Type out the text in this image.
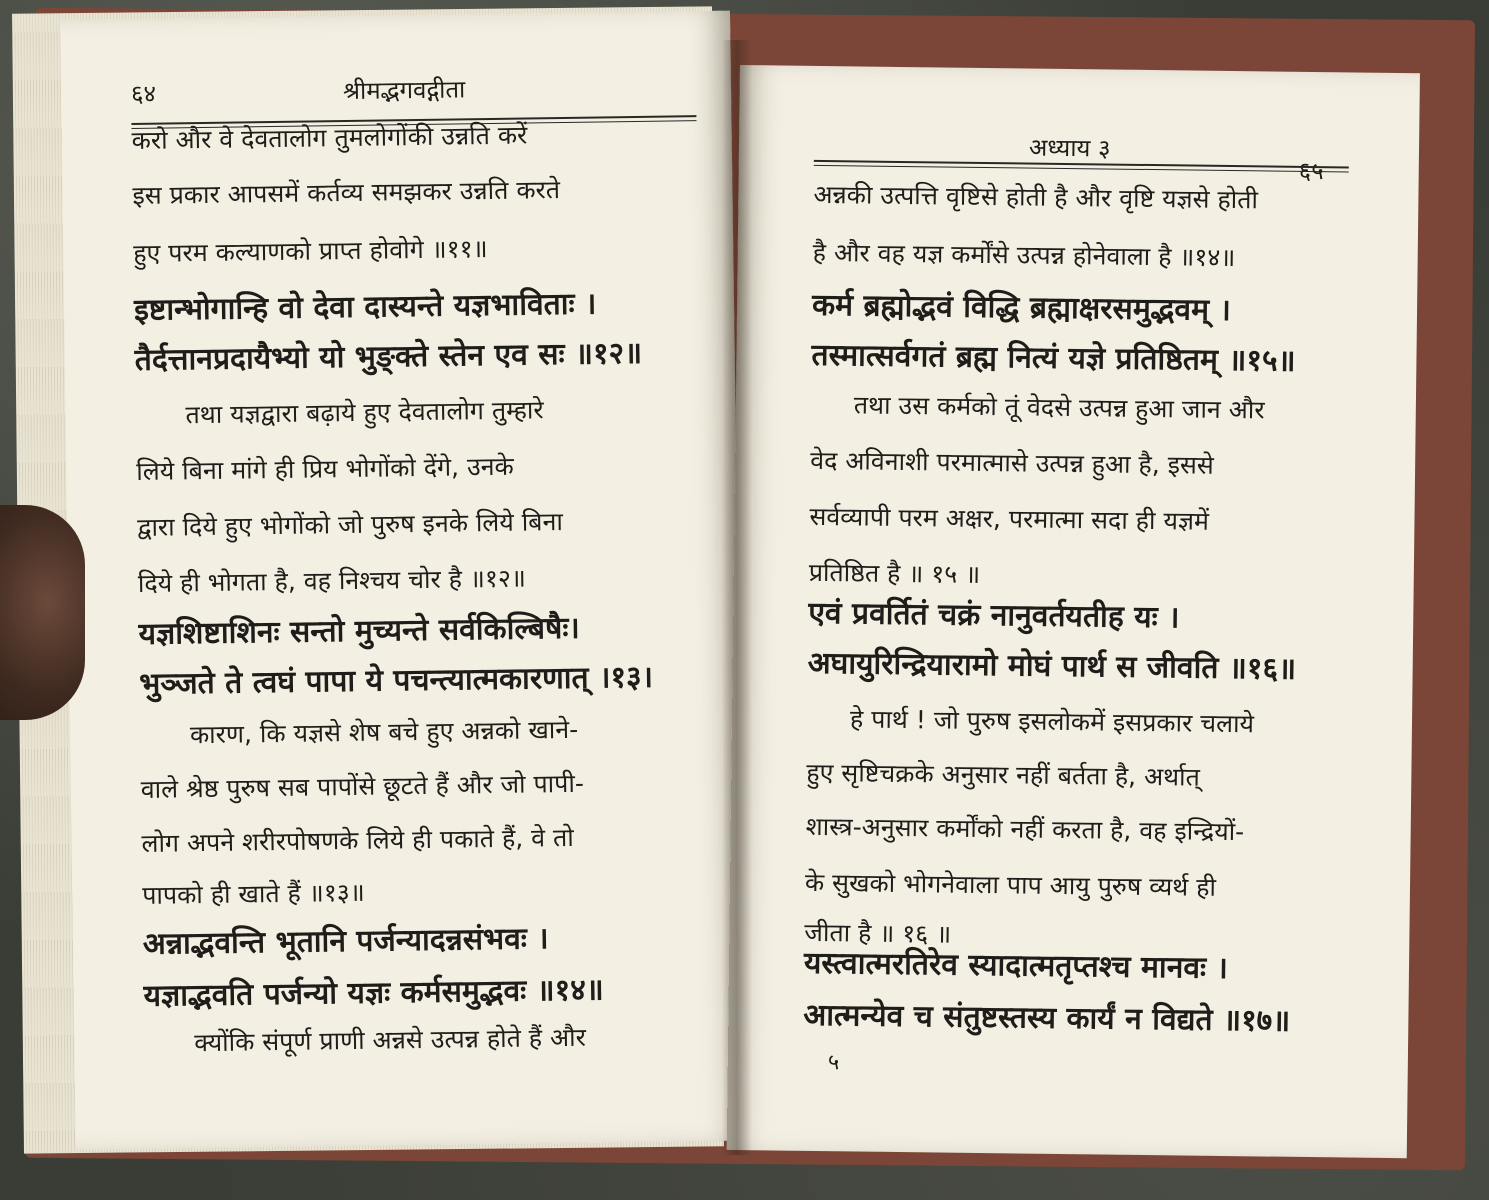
६४	श्रीमद्भगवद्गीता
करो और वे देवतालोग तुमलोगोंकी उन्नति करें
इस प्रकार आपसमें कर्तव्य समझकर उन्नति करते
हुए परम कल्याणको प्राप्त होवोगे ॥११॥
इष्टान्भोगान्हि वो देवा दास्यन्ते यज्ञभाविताः ।
तैर्दत्तानप्रदायैभ्यो यो भुङ्क्ते स्तेन एव सः ॥१२॥
तथा यज्ञद्वारा बढ़ाये हुए देवतालोग तुम्हारे
लिये बिना मांगे ही प्रिय भोगोंको देंगे, उनके
द्वारा दिये हुए भोगोंको जो पुरुष इनके लिये बिना
दिये ही भोगता है, वह निश्चय चोर है ॥१२॥
यज्ञशिष्टाशिनः सन्तो मुच्यन्ते सर्वकिल्बिषैः।
भुञ्जते ते त्वघं पापा ये पचन्त्यात्मकारणात् ।१३।
कारण, कि यज्ञसे शेष बचे हुए अन्नको खाने-
वाले श्रेष्ठ पुरुष सब पापोंसे छूटते हैं और जो पापी-
लोग अपने शरीरपोषणके लिये ही पकाते हैं, वे तो
पापको ही खाते हैं ॥१३॥
अन्नाद्भवन्ति भूतानि पर्जन्यादन्नसंभवः ।
यज्ञाद्भवति पर्जन्यो यज्ञः कर्मसमुद्भवः ॥१४॥
क्योंकि संपूर्ण प्राणी अन्नसे उत्पन्न होते हैं और
अध्याय ३
अन्नकी उत्पत्ति वृष्टिसे होती है और वृष्टि यज्ञसे होती
है और वह यज्ञ कर्मोंसे उत्पन्न होनेवाला है ॥१४॥
कर्म ब्रह्मोद्भवं विद्धि ब्रह्माक्षरसमुद्भवम् ।
तस्मात्सर्वगतं ब्रह्म नित्यं यज्ञे प्रतिष्ठितम् ॥१५॥
तथा उस कर्मको तूं वेदसे उत्पन्न हुआ जान और
वेद अविनाशी परमात्मासे उत्पन्न हुआ है, इससे
सर्वव्यापी परम अक्षर, परमात्मा सदा ही यज्ञमें
प्रतिष्ठित है ॥ १५ ॥
एवं प्रवर्तितं चक्रं नानुवर्तयतीह यः ।
अघायुरिन्द्रियारामो मोघं पार्थ स जीवति ॥१६॥
हे पार्थ ! जो पुरुष इसलोकमें इसप्रकार चलाये
हुए सृष्टिचक्रके अनुसार नहीं बर्तता है, अर्थात्
शास्त्र-अनुसार कर्मोंको नहीं करता है, वह इन्द्रियों-
के सुखको भोगनेवाला पाप आयु पुरुष व्यर्थ ही
जीता है ॥ १६ ॥
यस्त्वात्मरतिरेव स्यादात्मतृप्तश्च मानवः ।
आत्मन्येव च संतुष्टस्तस्य कार्यं न विद्यते ॥१७॥
५
